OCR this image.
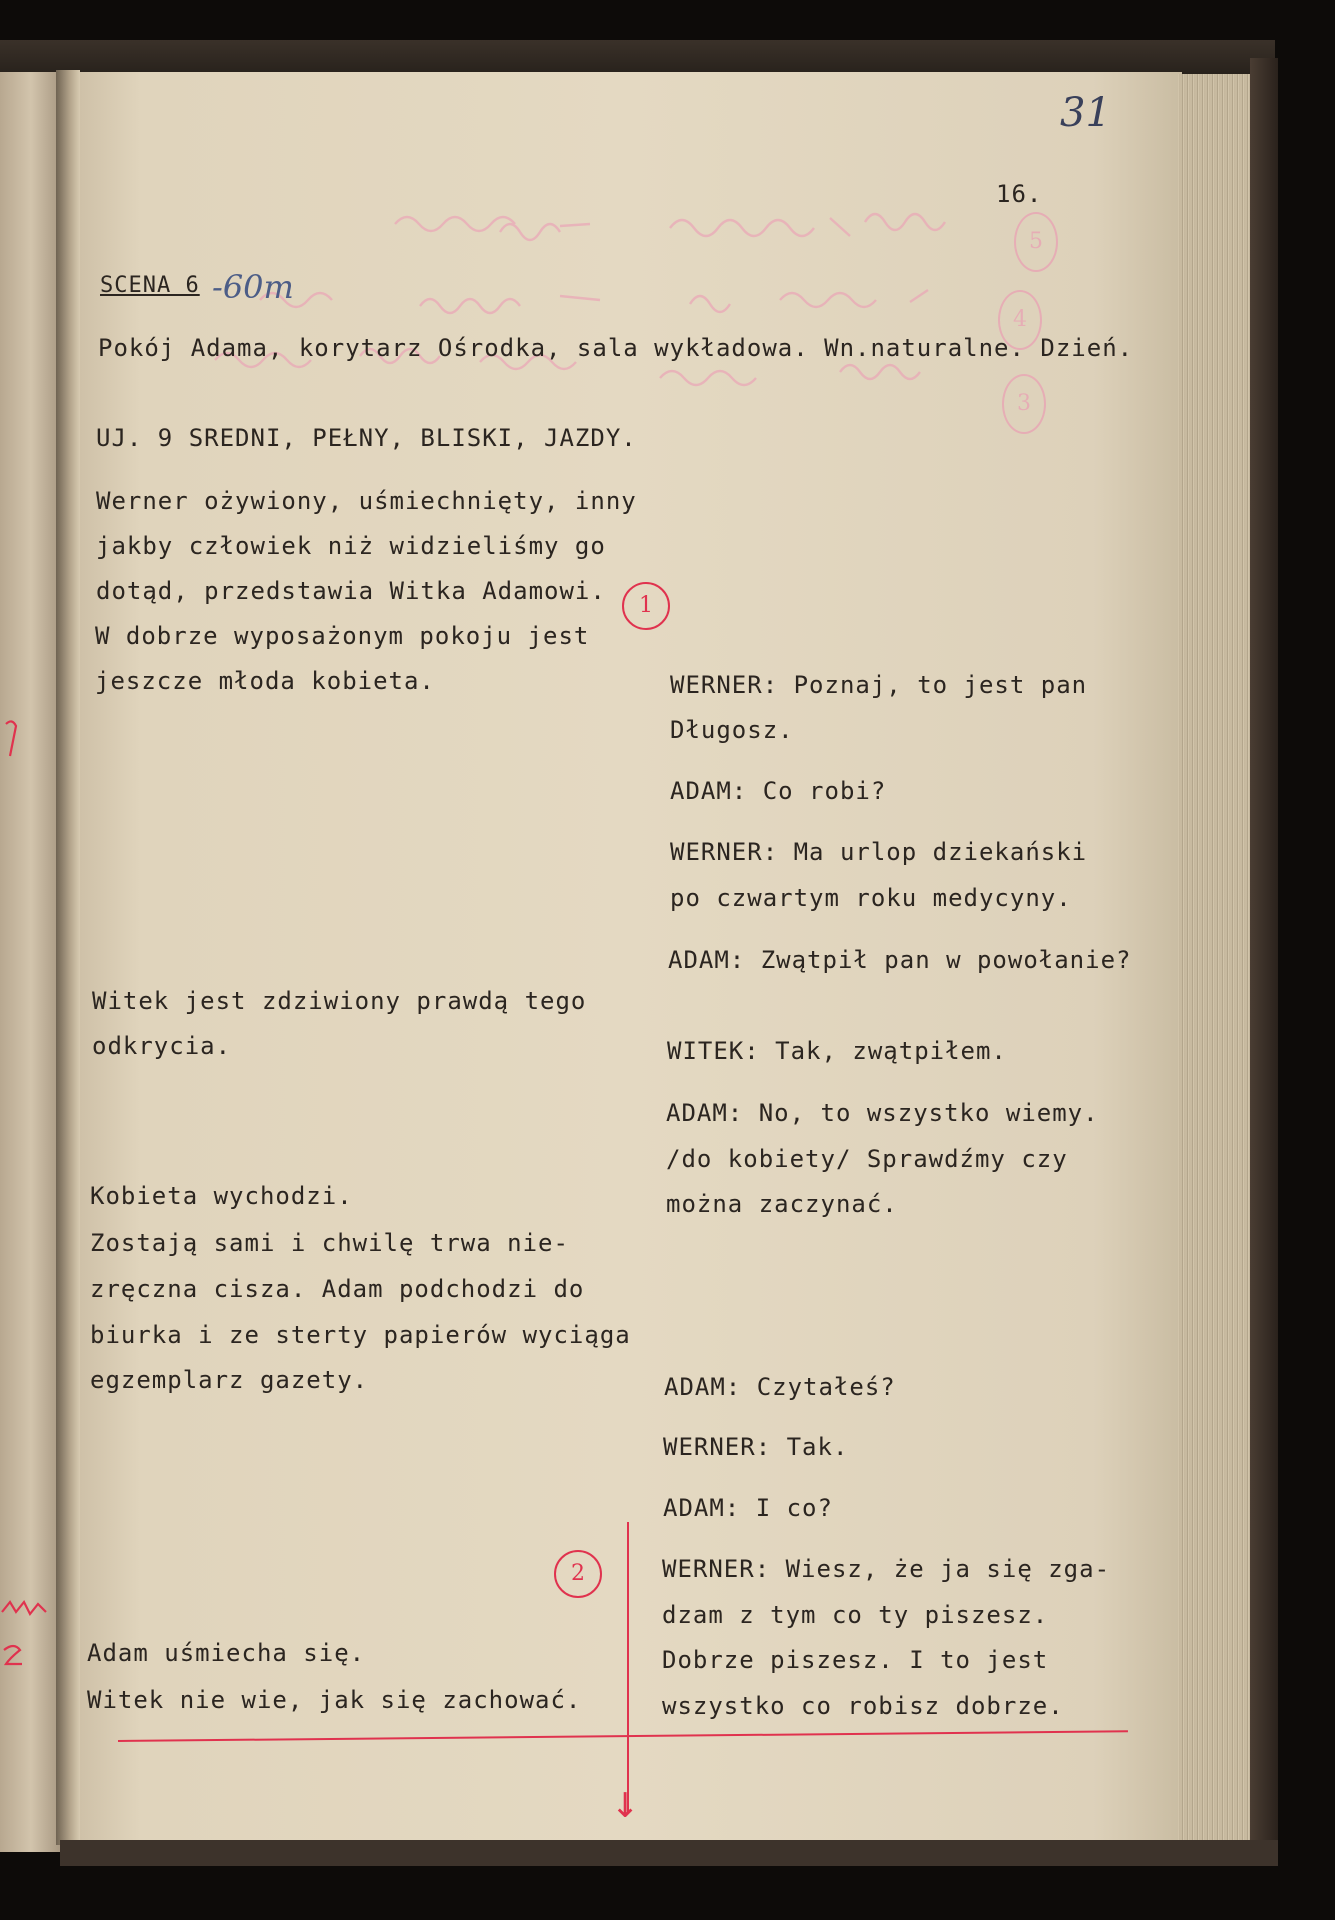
5
4
3
31
16.
SCENA 6 -60m
Pokój Adama, korytarz Ośrodka, sala wykładowa. Wn.naturalne. Dzień.
UJ. 9 SREDNI, PEŁNY, BLISKI, JAZDY.
Werner ożywiony, uśmiechnięty, inny
jakby człowiek niż widzieliśmy go
dotąd, przedstawia Witka Adamowi.
W dobrze wyposażonym pokoju jest
jeszcze młoda kobieta.
Witek jest zdziwiony prawdą tego
odkrycia.
Kobieta wychodzi.
Zostają sami i chwilę trwa nie-
zręczna cisza. Adam podchodzi do
biurka i ze sterty papierów wyciąga
egzemplarz gazety.
Adam uśmiecha się.
Witek nie wie, jak się zachować.
WERNER: Poznaj, to jest pan
Długosz.
ADAM: Co robi?
WERNER: Ma urlop dziekański
po czwartym roku medycyny.
ADAM: Zwątpił pan w powołanie?
WITEK: Tak, zwątpiłem.
ADAM: No, to wszystko wiemy.
/do kobiety/ Sprawdźmy czy
można zaczynać.
ADAM: Czytałeś?
WERNER: Tak.
ADAM: I co?
WERNER: Wiesz, że ja się zga-
dzam z tym co ty piszesz.
Dobrze piszesz. I to jest
wszystko co robisz dobrze.
1
2
↓
